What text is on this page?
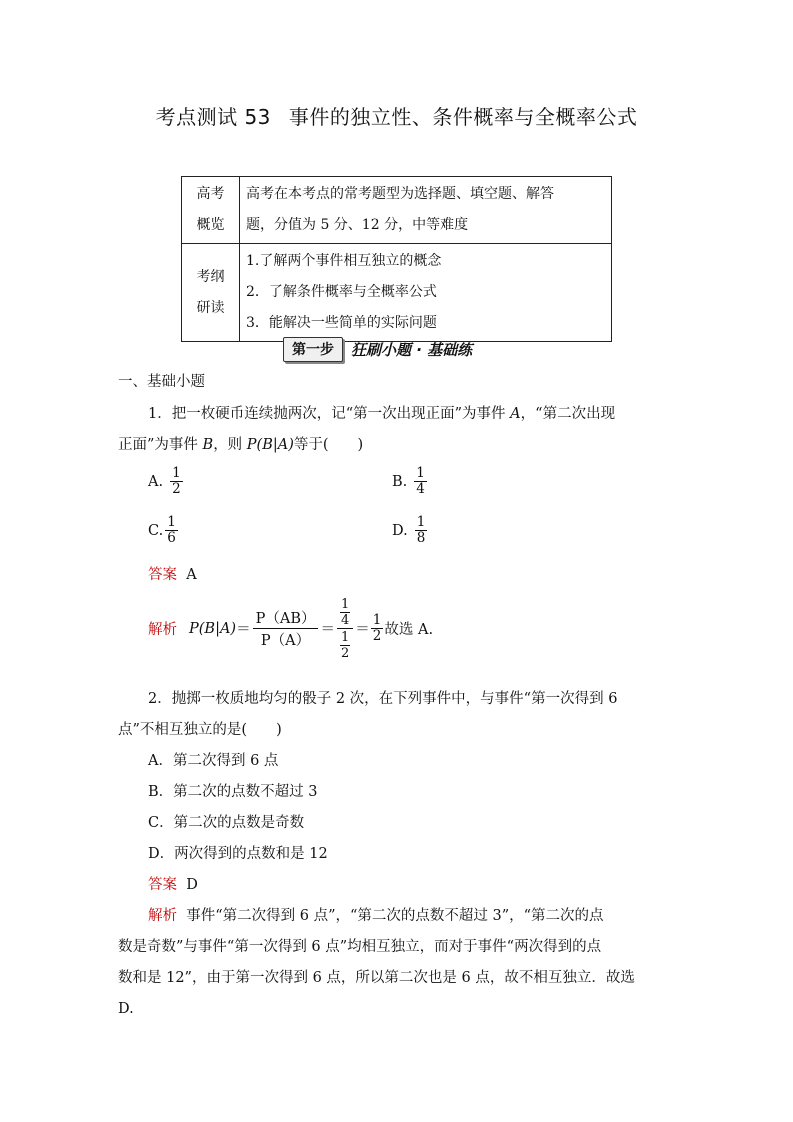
考点测试 53 事件的独立性、条件概率与全概率公式
高考
概览	高考在本考点的常考题型为选择题、填空题、解答
题，分值为 5 分、12 分，中等难度

考纲
研读	1.了解两个事件相互独立的概念
2．了解条件概率与全概率公式
3．能解决一些简单的实际问题
第一步	狂刷小题 · 基础练
一、基础小题
1．把一枚硬币连续抛两次，记“第一次出现正面”为事件 A，“第二次出现
正面”为事件 B，则 P(B|A)等于(　　)
A. $\frac{1}{2}$	B. $\frac{1}{4}$
C. $\frac{1}{6}$	D. $\frac{1}{8}$
答案 A
解析 P(B|A) ＝
P（AB）
P（A）
＝
$\frac{1}{4}$
$\frac{1}{2} = \frac{1}{2}$ 故选 A.
2．抛掷一枚质地均匀的骰子 2 次，在下列事件中，与事件“第一次得到 6
点”不相互独立的是(　　)
A．第二次得到 6 点
B．第二次的点数不超过 3
C．第二次的点数是奇数
D．两次得到的点数和是 12
答案 D
解析 事件“第二次得到 6 点”，“第二次的点数不超过 3”，“第二次的点
数是奇数”与事件“第一次得到 6 点”均相互独立，而对于事件“两次得到的点
数和是 12”，由于第一次得到 6 点，所以第二次也是 6 点，故不相互独立．故选
D.
